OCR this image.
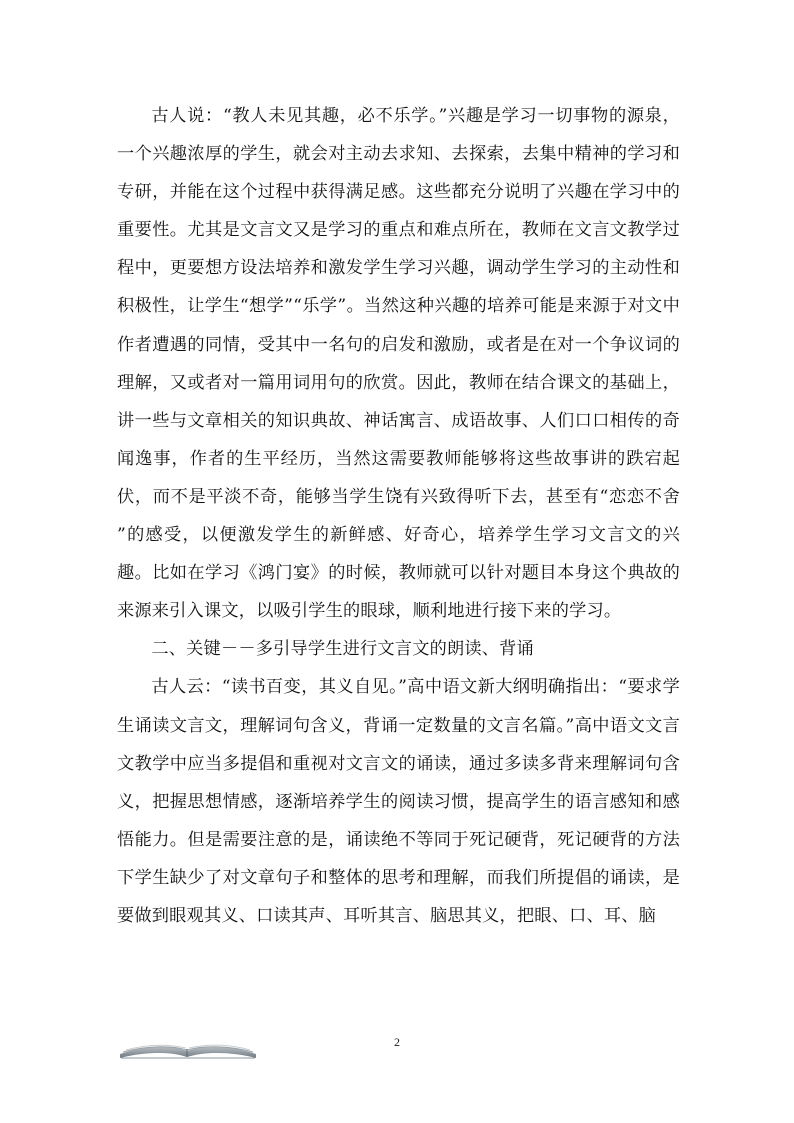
古人说：“教人未见其趣，必不乐学。”兴趣是学习一切事物的源泉，一个兴趣浓厚的学生，就会对主动去求知、去探索，去集中精神的学习和专研，并能在这个过程中获得满足感。这些都充分说明了兴趣在学习中的重要性。尤其是文言文又是学习的重点和难点所在，教师在文言文教学过程中，更要想方设法培养和激发学生学习兴趣，调动学生学习的主动性和积极性，让学生“想学”“乐学”。当然这种兴趣的培养可能是来源于对文中作者遭遇的同情，受其中一名句的启发和激励，或者是在对一个争议词的理解，又或者对一篇用词用句的欣赏。因此，教师在结合课文的基础上，讲一些与文章相关的知识典故、神话寓言、成语故事、人们口口相传的奇闻逸事，作者的生平经历，当然这需要教师能够将这些故事讲的跌宕起伏，而不是平淡不奇，能够当学生饶有兴致得听下去，甚至有“恋恋不舍 ”的感受，以便激发学生的新鲜感、好奇心，培养学生学习文言文的兴趣。比如在学习《鸿门宴》的时候，教师就可以针对题目本身这个典故的来源来引入课文，以吸引学生的眼球，顺利地进行接下来的学习。

二、关键－－多引导学生进行文言文的朗读、背诵

古人云：“读书百变，其义自见。”高中语文新大纲明确指出：“要求学生诵读文言文，理解词句含义，背诵一定数量的文言名篇。”高中语文文言文教学中应当多提倡和重视对文言文的诵读，通过多读多背来理解词句含义，把握思想情感，逐渐培养学生的阅读习惯，提高学生的语言感知和感悟能力。但是需要注意的是，诵读绝不等同于死记硬背，死记硬背的方法下学生缺少了对文章句子和整体的思考和理解，而我们所提倡的诵读，是要做到眼观其义、口读其声、耳听其言、脑思其义，把眼、口、耳、脑

2
